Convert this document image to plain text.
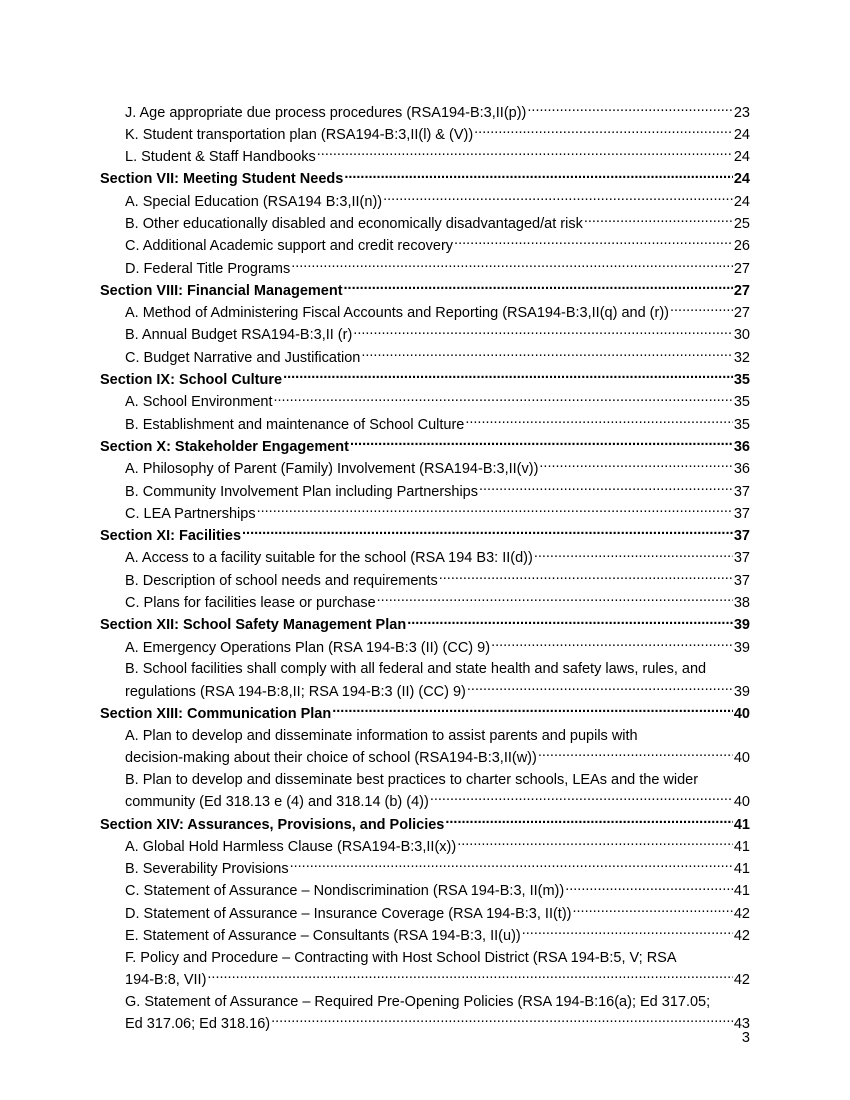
J. Age appropriate due process procedures (RSA194-B:3,II(p)) .....	23
K. Student transportation plan (RSA194-B:3,II(l) & (V)) .....	24
L. Student & Staff Handbooks .....	24
Section VII: Meeting Student Needs .....	24
A. Special Education (RSA194 B:3,II(n)) .....	24
B. Other educationally disabled and economically disadvantaged/at risk .....	25
C. Additional Academic support and credit recovery .....	26
D. Federal Title Programs .....	27
Section VIII: Financial Management .....	27
A. Method of Administering Fiscal Accounts and Reporting (RSA194-B:3,II(q) and (r)) .....	27
B. Annual Budget RSA194-B:3,II (r) .....	30
C. Budget Narrative and Justification .....	32
Section IX: School Culture .....	35
A. School Environment .....	35
B. Establishment and maintenance of School Culture .....	35
Section X: Stakeholder Engagement .....	36
A. Philosophy of Parent (Family) Involvement (RSA194-B:3,II(v)) .....	36
B. Community Involvement Plan including Partnerships .....	37
C. LEA Partnerships .....	37
Section XI: Facilities .....	37
A. Access to a facility suitable for the school (RSA 194 B3: II(d)) .....	37
B. Description of school needs and requirements .....	37
C. Plans for facilities lease or purchase .....	38
Section XII: School Safety Management Plan .....	39
A. Emergency Operations Plan (RSA 194-B:3 (II) (CC) 9) .....	39
B. School facilities shall comply with all federal and state health and safety laws, rules, and
regulations (RSA 194-B:8,II; RSA 194-B:3 (II) (CC) 9) .....	39
Section XIII: Communication Plan .....	40
A. Plan to develop and disseminate information to assist parents and pupils with
decision-making about their choice of school (RSA194-B:3,II(w)) .....	40
B. Plan to develop and disseminate best practices to charter schools, LEAs and the wider
community (Ed 318.13 e (4) and 318.14 (b) (4)) .....	40
Section XIV: Assurances, Provisions, and Policies .....	41
A. Global Hold Harmless Clause (RSA194-B:3,II(x)) .....	41
B. Severability Provisions .....	41
C. Statement of Assurance – Nondiscrimination (RSA 194-B:3, II(m)) .....	41
D. Statement of Assurance – Insurance Coverage (RSA 194-B:3, II(t)) .....	42
E. Statement of Assurance – Consultants (RSA 194-B:3, II(u)) .....	42
F. Policy and Procedure – Contracting with Host School District (RSA 194-B:5, V; RSA
194-B:8, VII) .....	42
G. Statement of Assurance – Required Pre-Opening Policies (RSA 194-B:16(a); Ed 317.05;
Ed 317.06; Ed 318.16) .....	43
3
